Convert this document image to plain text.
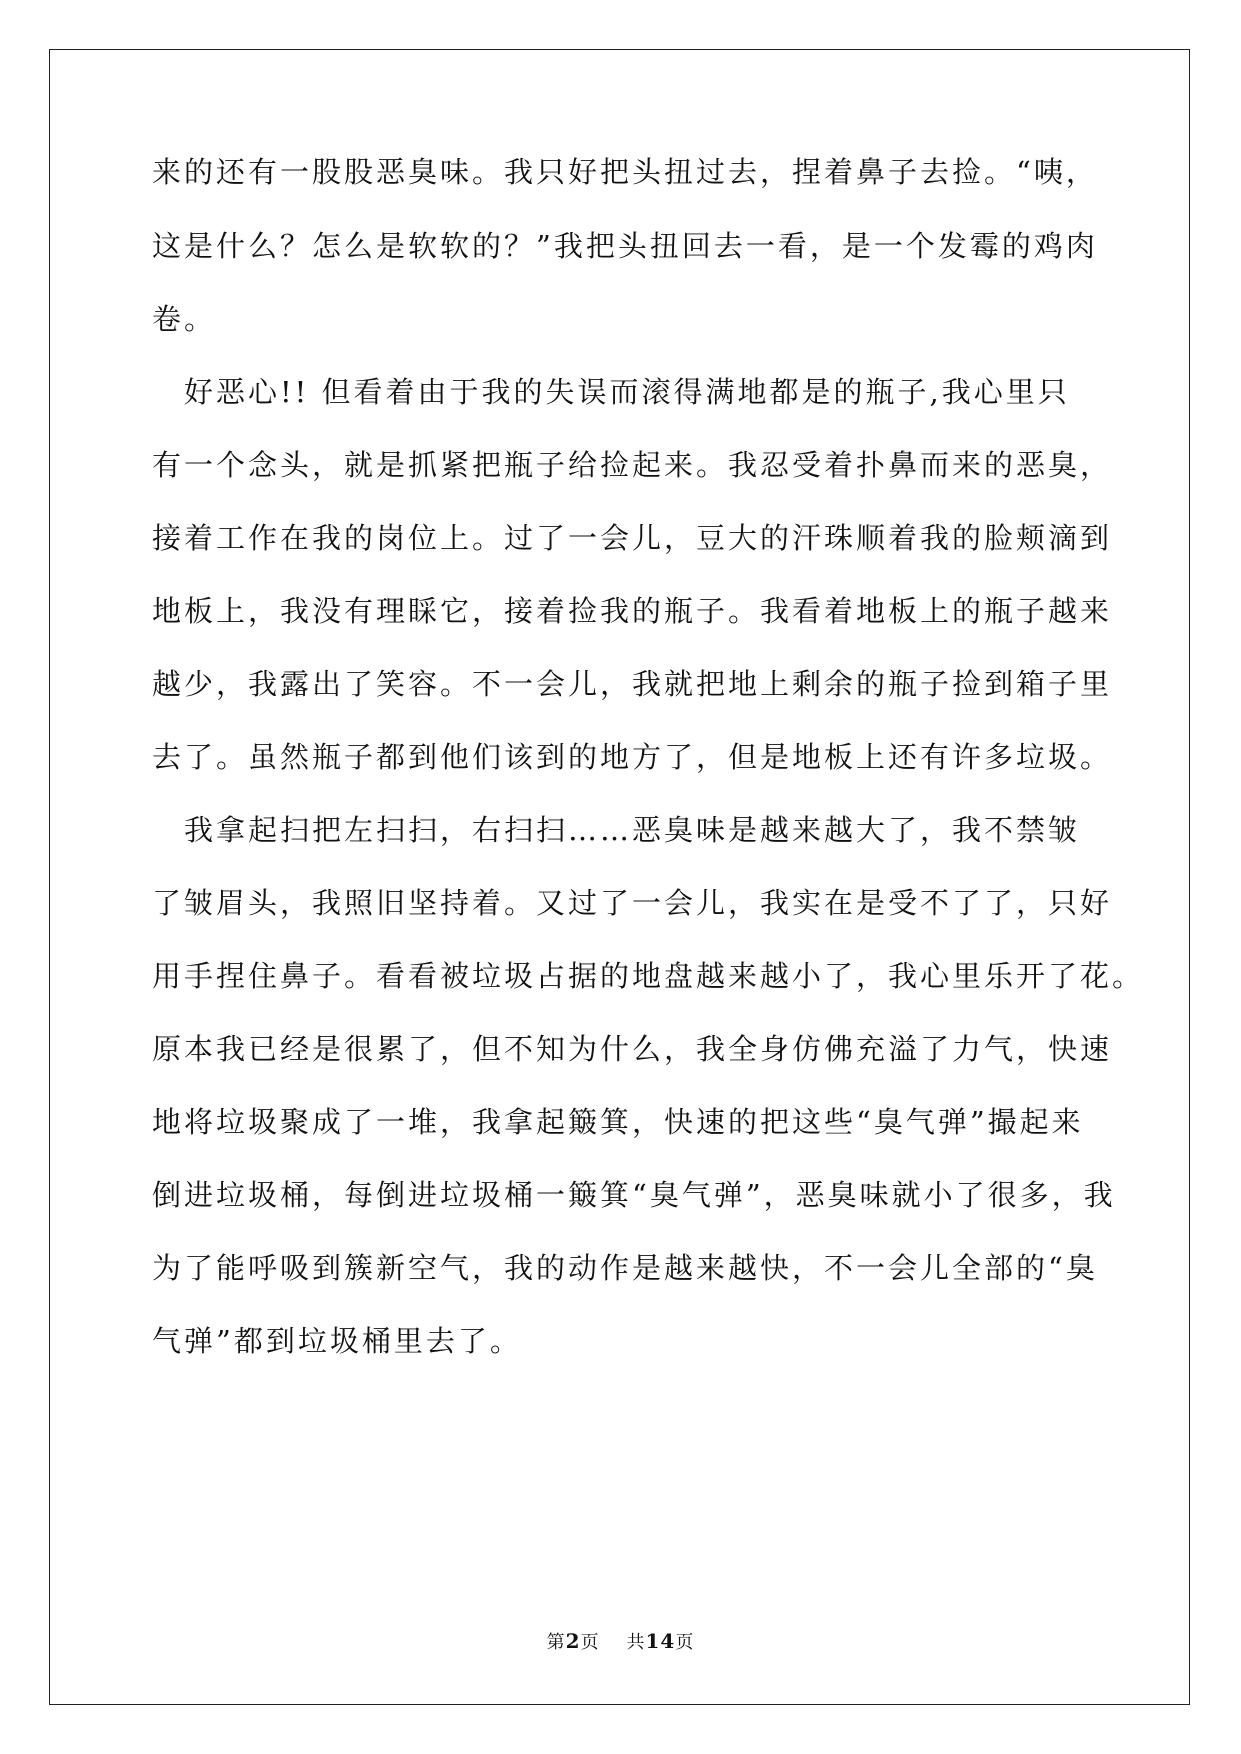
来的还有一股股恶臭味。我只好把头扭过去，捏着鼻子去捡。“咦，
这是什么？怎么是软软的？”我把头扭回去一看，是一个发霉的鸡肉
卷。
　好恶心!! 但看着由于我的失误而滚得满地都是的瓶子,我心里只
有一个念头，就是抓紧把瓶子给捡起来。我忍受着扑鼻而来的恶臭，
接着工作在我的岗位上。过了一会儿，豆大的汗珠顺着我的脸颊滴到
地板上，我没有理睬它，接着捡我的瓶子。我看着地板上的瓶子越来
越少，我露出了笑容。不一会儿，我就把地上剩余的瓶子捡到箱子里
去了。虽然瓶子都到他们该到的地方了，但是地板上还有许多垃圾。
　我拿起扫把左扫扫，右扫扫……恶臭味是越来越大了，我不禁皱
了皱眉头，我照旧坚持着。又过了一会儿，我实在是受不了了，只好
用手捏住鼻子。看看被垃圾占据的地盘越来越小了，我心里乐开了花。
原本我已经是很累了，但不知为什么，我全身仿佛充溢了力气，快速
地将垃圾聚成了一堆，我拿起簸箕，快速的把这些“臭气弹”撮起来
倒进垃圾桶，每倒进垃圾桶一簸箕“臭气弹”，恶臭味就小了很多，我
为了能呼吸到簇新空气，我的动作是越来越快，不一会儿全部的“臭
气弹”都到垃圾桶里去了。
第2页 共14页
